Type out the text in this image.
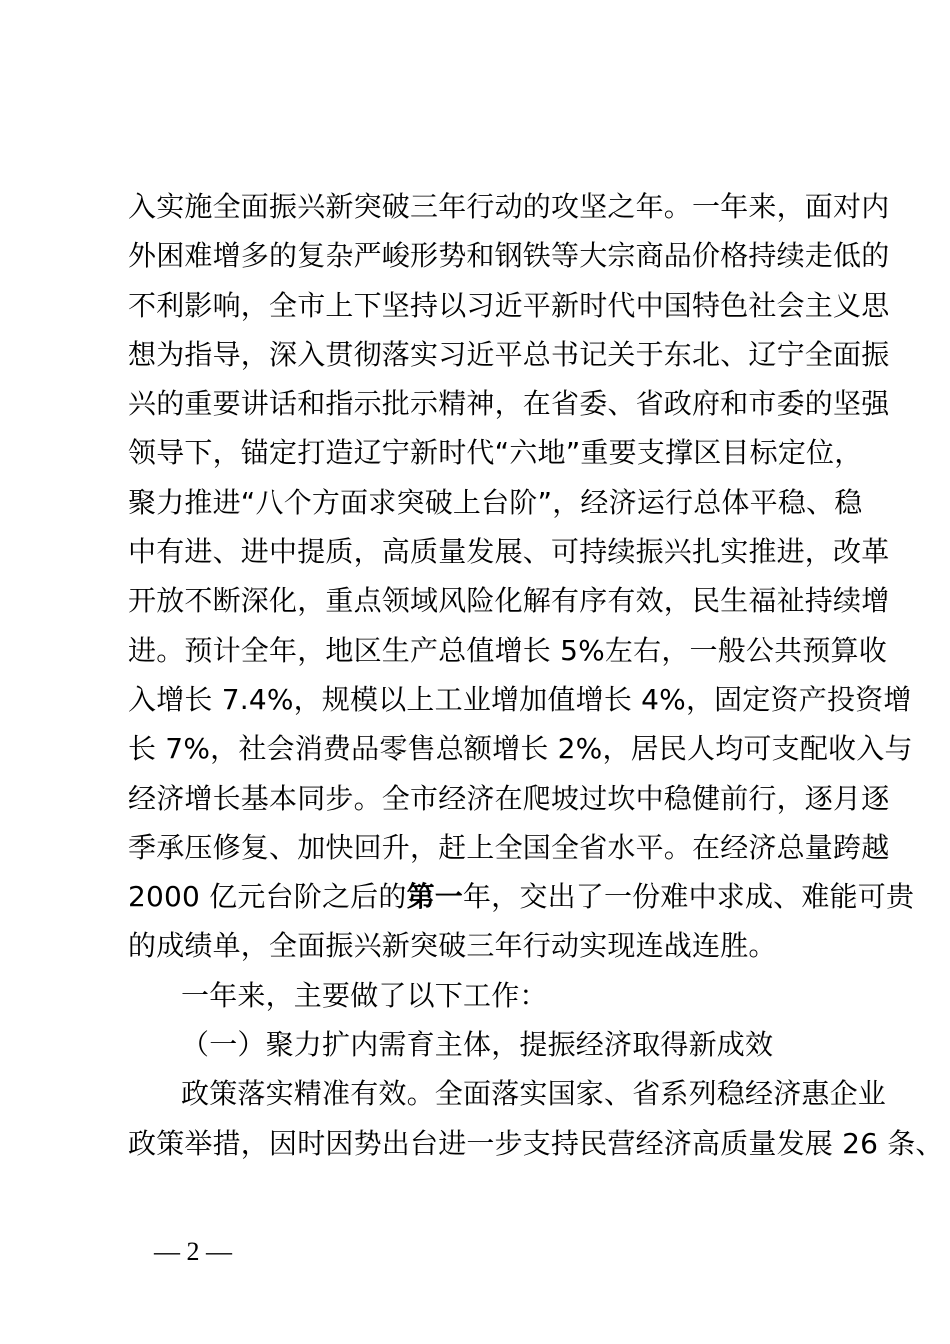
入实施全面振兴新突破三年行动的攻坚之年。一年来，面对内
外困难增多的复杂严峻形势和钢铁等大宗商品价格持续走低的
不利影响，全市上下坚持以习近平新时代中国特色社会主义思
想为指导，深入贯彻落实习近平总书记关于东北、辽宁全面振
兴的重要讲话和指示批示精神，在省委、省政府和市委的坚强
领导下，锚定打造辽宁新时代“六地”重要支撑区目标定位，
聚力推进“八个方面求突破上台阶”，经济运行总体平稳、稳
中有进、进中提质，高质量发展、可持续振兴扎实推进，改革
开放不断深化，重点领域风险化解有序有效，民生福祉持续增
进。预计全年，地区生产总值增长 5%左右，一般公共预算收
入增长 7.4%，规模以上工业增加值增长 4%，固定资产投资增
长 7%，社会消费品零售总额增长 2%，居民人均可支配收入与
经济增长基本同步。全市经济在爬坡过坎中稳健前行，逐月逐
季承压修复、加快回升，赶上全国全省水平。在经济总量跨越
2000 亿元台阶之后的第一年，交出了一份难中求成、难能可贵
的成绩单，全面振兴新突破三年行动实现连战连胜。
一年来，主要做了以下工作：
（一）聚力扩内需育主体，提振经济取得新成效
政策落实精准有效。全面落实国家、省系列稳经济惠企业
政策举措，因时因势出台进一步支持民营经济高质量发展 26 条、
— 2 —
